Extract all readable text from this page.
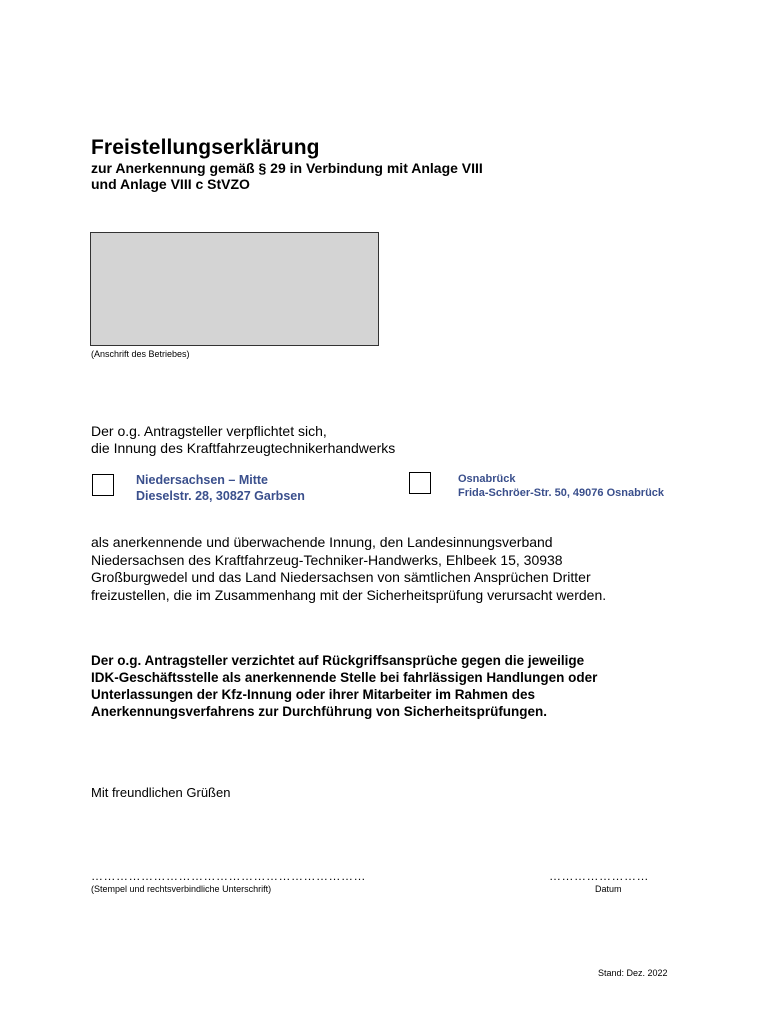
Freistellungserklärung
zur Anerkennung gemäß § 29 in Verbindung mit Anlage VIII
und Anlage VIII c StVZO
(Anschrift des Betriebes)
Der o.g. Antragsteller verpflichtet sich,
die Innung des Kraftfahrzeugtechnikerhandwerks
Niedersachsen – Mitte
Dieselstr. 28, 30827 Garbsen
Osnabrück
Frida-Schröer-Str. 50, 49076 Osnabrück
als anerkennende und überwachende Innung, den Landesinnungsverband
Niedersachsen des Kraftfahrzeug-Techniker-Handwerks, Ehlbeek 15, 30938
Großburgwedel und das Land Niedersachsen von sämtlichen Ansprüchen Dritter
freizustellen, die im Zusammenhang mit der Sicherheitsprüfung verursacht werden.
Der o.g. Antragsteller verzichtet auf Rückgriffsansprüche gegen die jeweilige
IDK-Geschäftsstelle als anerkennende Stelle bei fahrlässigen Handlungen oder
Unterlassungen der Kfz-Innung oder ihrer Mitarbeiter im Rahmen des
Anerkennungsverfahrens zur Durchführung von Sicherheitsprüfungen.
Mit freundlichen Grüßen
…………………………………………………………	……………………
(Stempel und rechtsverbindliche Unterschrift)	Datum
Stand: Dez. 2022
